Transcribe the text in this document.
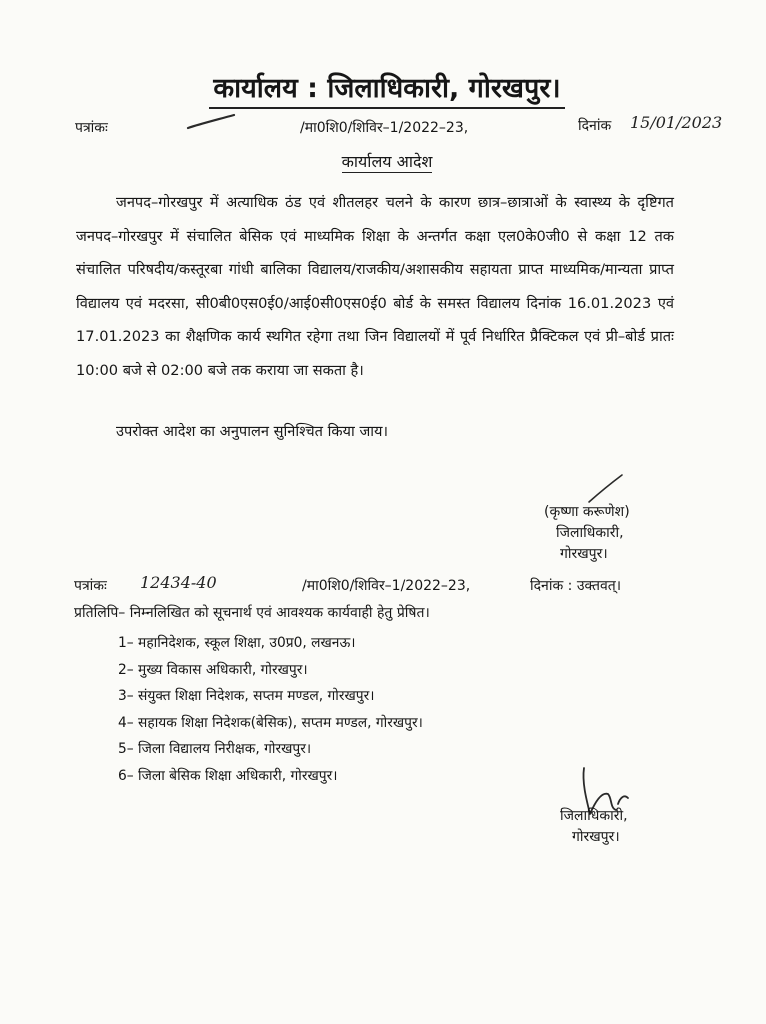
कार्यालय : जिलाधिकारी, गोरखपुर।
पत्रांकः	/मा0शि0/शिविर–1/2022–23,	दिनांक 15/01/2023
कार्यालय आदेश

जनपद–गोरखपुर में अत्याधिक ठंड एवं शीतलहर चलने के कारण छात्र–छात्राओं के स्वास्थ्य के दृष्टिगत जनपद–गोरखपुर में संचालित बेसिक एवं माध्यमिक शिक्षा के अन्तर्गत कक्षा एल0के0जी0 से कक्षा 12 तक संचालित परिषदीय/कस्तूरबा गांधी बालिका विद्यालय/राजकीय/अशासकीय सहायता प्राप्त माध्यमिक/मान्यता प्राप्त विद्यालय एवं मदरसा, सी0बी0एस0ई0/आई0सी0एस0ई0 बोर्ड के समस्त विद्यालय दिनांक 16.01.2023 एवं 17.01.2023 का शैक्षणिक कार्य स्थगित रहेगा तथा जिन विद्यालयों में पूर्व निर्धारित प्रैक्टिकल एवं प्री–बोर्ड प्रातः 10:00 बजे से 02:00 बजे तक कराया जा सकता है।

उपरोक्त आदेश का अनुपालन सुनिश्चित किया जाय।
(कृष्णा करूणेश)
जिलाधिकारी,
गोरखपुर।
पत्रांकः 12434-40	/मा0शि0/शिविर–1/2022–23,	दिनांक : उक्तवत्।
प्रतिलिपि– निम्नलिखित को सूचनार्थ एवं आवश्यक कार्यवाही हेतु प्रेषित।
1– महानिदेशक, स्कूल शिक्षा, उ0प्र0, लखनऊ।
2– मुख्य विकास अधिकारी, गोरखपुर।
3– संयुक्त शिक्षा निदेशक, सप्तम मण्डल, गोरखपुर।
4– सहायक शिक्षा निदेशक(बेसिक), सप्तम मण्डल, गोरखपुर।
5– जिला विद्यालय निरीक्षक, गोरखपुर।
6– जिला बेसिक शिक्षा अधिकारी, गोरखपुर।
जिलाधिकारी,
गोरखपुर।
